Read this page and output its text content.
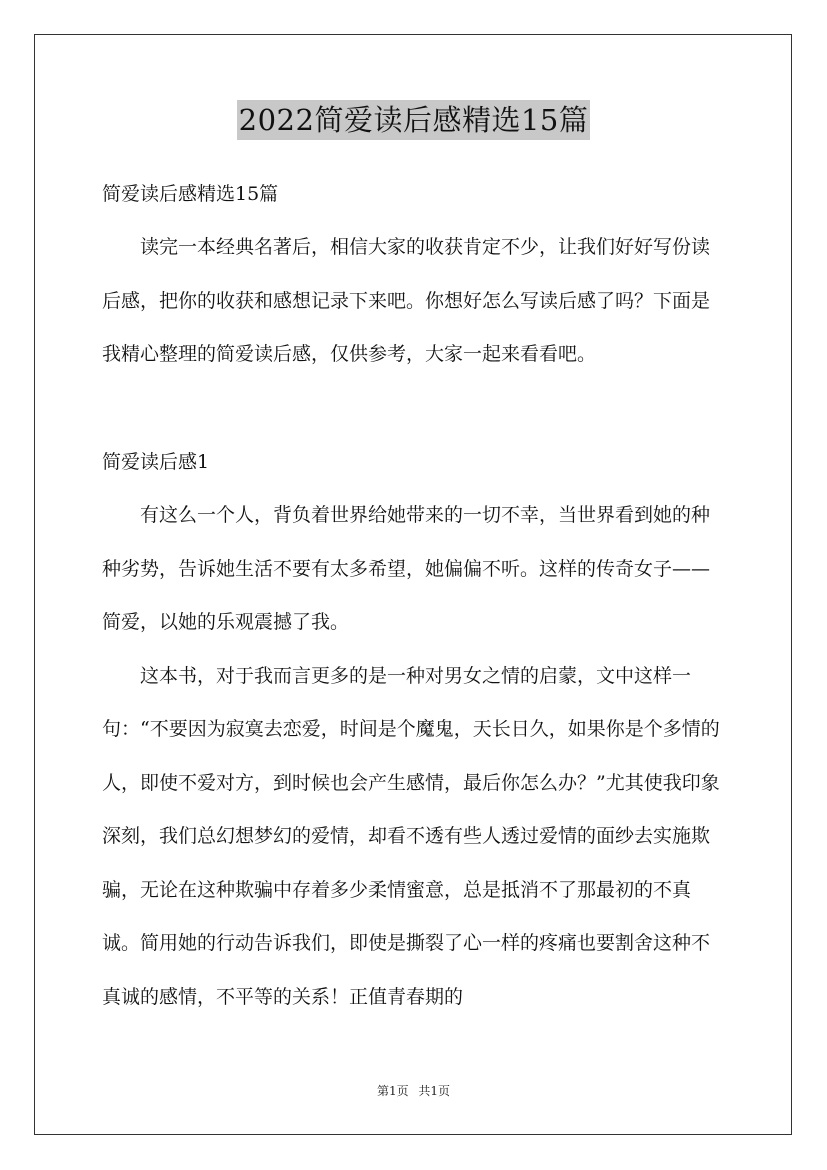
2022简爱读后感精选15篇
简爱读后感精选15篇

读完一本经典名著后，相信大家的收获肯定不少，让我们好好写份读后感，把你的收获和感想记录下来吧。你想好怎么写读后感了吗？下面是我精心整理的简爱读后感，仅供参考，大家一起来看看吧。

简爱读后感1

有这么一个人，背负着世界给她带来的一切不幸，当世界看到她的种种劣势，告诉她生活不要有太多希望，她偏偏不听。这样的传奇女子——简爱，以她的乐观震撼了我。

这本书，对于我而言更多的是一种对男女之情的启蒙，文中这样一句：“不要因为寂寞去恋爱，时间是个魔鬼，天长日久，如果你是个多情的人，即使不爱对方，到时候也会产生感情，最后你怎么办？”尤其使我印象深刻，我们总幻想梦幻的爱情，却看不透有些人透过爱情的面纱去实施欺骗，无论在这种欺骗中存着多少柔情蜜意，总是抵消不了那最初的不真诚。简用她的行动告诉我们，即使是撕裂了心一样的疼痛也要割舍这种不真诚的感情，不平等的关系！正值青春期的

第1页 共1页
